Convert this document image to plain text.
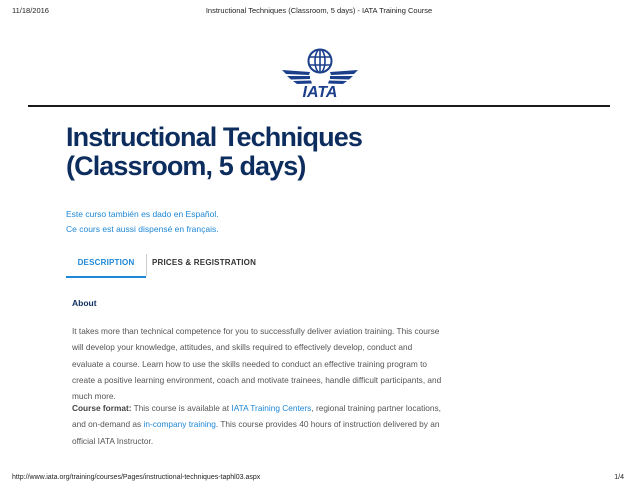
11/18/2016	Instructional Techniques (Classroom, 5 days) - IATA Training Course
IATA
Instructional Techniques
(Classroom, 5 days)
Este curso también es dado en Español.
Ce cours est aussi dispensé en français.
DESCRIPTION	PRICES & REGISTRATION
About
It takes more than technical competence for you to successfully deliver aviation training. This course
will develop your knowledge, attitudes, and skills required to effectively develop, conduct and
evaluate a course. Learn how to use the skills needed to conduct an effective training program to
create a positive learning environment, coach and motivate trainees, handle difficult participants, and
much more.
Course format: This course is available at IATA Training Centers, regional training partner locations,
and on-demand as in-company training. This course provides 40 hours of instruction delivered by an
official IATA Instructor.
http://www.iata.org/training/courses/Pages/instructional-techniques-taphl03.aspx	1/4
